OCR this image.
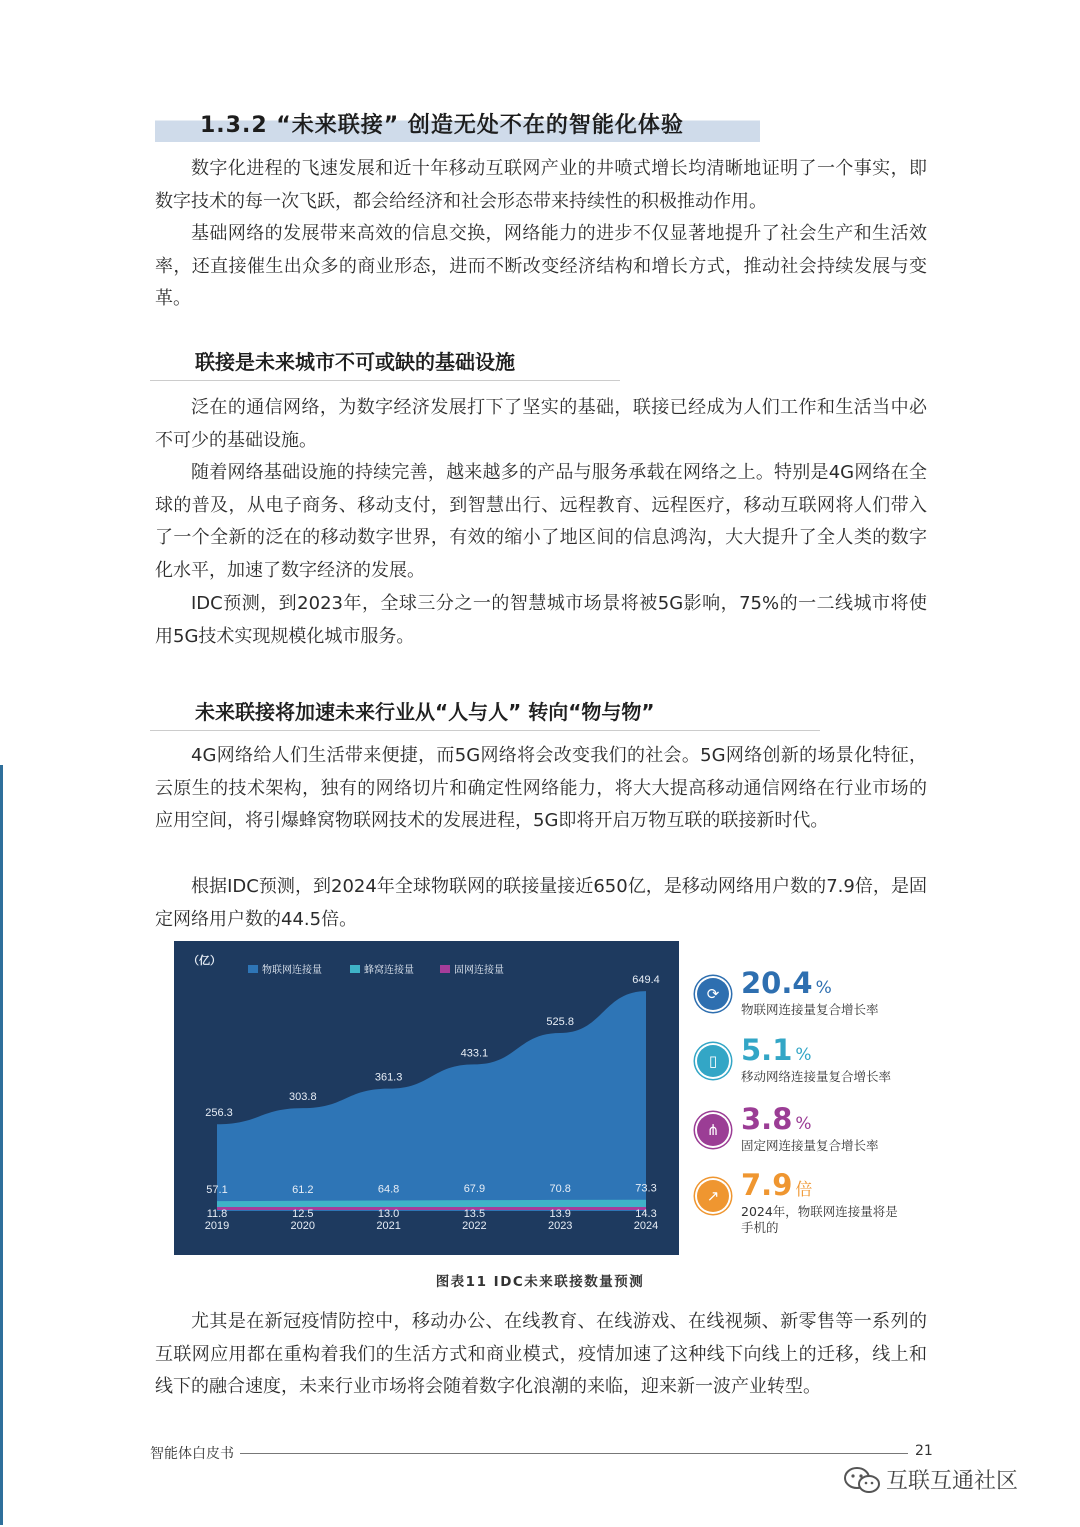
1.3.2 “未来联接” 创造无处不在的智能化体验

数字化进程的飞速发展和近十年移动互联网产业的井喷式增长均清晰地证明了一个事实，即数字技术的每一次飞跃，都会给经济和社会形态带来持续性的积极推动作用。

基础网络的发展带来高效的信息交换，网络能力的进步不仅显著地提升了社会生产和生活效率，还直接催生出众多的商业形态，进而不断改变经济结构和增长方式，推动社会持续发展与变革。

联接是未来城市不可或缺的基础设施

泛在的通信网络，为数字经济发展打下了坚实的基础，联接已经成为人们工作和生活当中必不可少的基础设施。

随着网络基础设施的持续完善，越来越多的产品与服务承载在网络之上。特别是4G网络在全球的普及，从电子商务、移动支付，到智慧出行、远程教育、远程医疗，移动互联网将人们带入了一个全新的泛在的移动数字世界，有效的缩小了地区间的信息鸿沟，大大提升了全人类的数字化水平，加速了数字经济的发展。

IDC预测，到2023年，全球三分之一的智慧城市场景将被5G影响，75%的一二线城市将使用5G技术实现规模化城市服务。

未来联接将加速未来行业从“人与人” 转向“物与物”

4G网络给人们生活带来便捷，而5G网络将会改变我们的社会。5G网络创新的场景化特征，云原生的技术架构，独有的网络切片和确定性网络能力，将大大提高移动通信网络在行业市场的应用空间，将引爆蜂窝物联网技术的发展进程，5G即将开启万物互联的联接新时代。

根据IDC预测，到2024年全球物联网的联接量接近650亿，是移动网络用户数的7.9倍，是固定网络用户数的44.5倍。

2019	2020	2021	2022	2023	2024
256.3
303.8
361.3
433.1
525.8
649.4
57.1	61.2	64.8	67.9	70.8	73.3
11.8	12.5	13.0	13.5	13.9	14.3
（亿）
物联网连接量	蜂窝连接量	固网连接量
⟳ 20.4 %
物联网连接量复合增长率
▯ 5.1 %
移动网络连接量复合增长率
⋔ 3.8 %
固定网连接量复合增长率
↗ 7.9 倍
2024年，物联网连接量将是手机的
图表11 IDC未来联接数量预测

尤其是在新冠疫情防控中，移动办公、在线教育、在线游戏、在线视频、新零售等一系列的互联网应用都在重构着我们的生活方式和商业模式，疫情加速了这种线下向线上的迁移，线上和线下的融合速度，未来行业市场将会随着数字化浪潮的来临，迎来新一波产业转型。

智能体白皮书	21
互联互通社区
